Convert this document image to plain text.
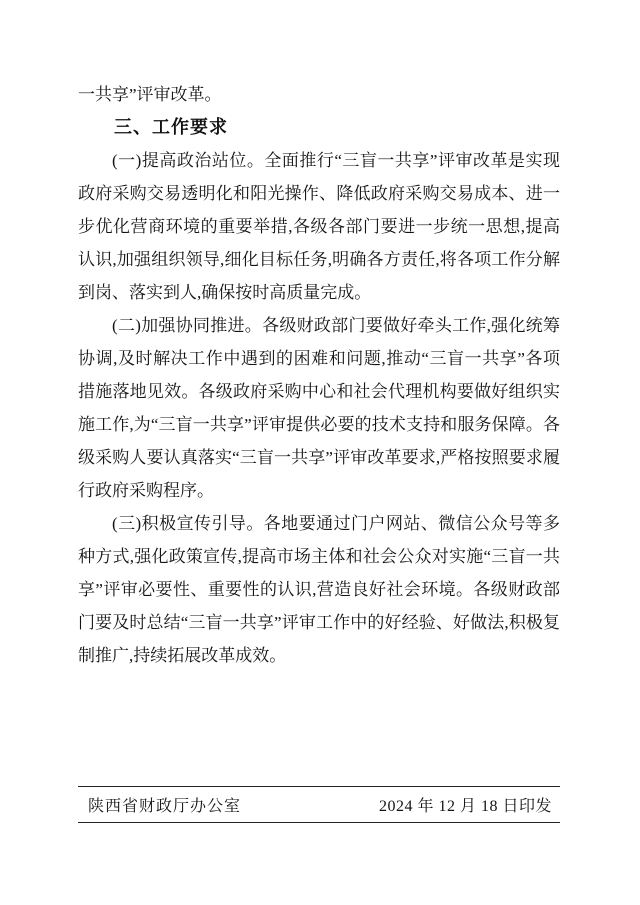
一共享”评审改革。

三、工作要求

(一)提高政治站位。全面推行“三盲一共享”评审改革是实现政府采购交易透明化和阳光操作、降低政府采购交易成本、进一步优化营商环境的重要举措,各级各部门要进一步统一思想,提高认识,加强组织领导,细化目标任务,明确各方责任,将各项工作分解到岗、落实到人,确保按时高质量完成。

(二)加强协同推进。各级财政部门要做好牵头工作,强化统筹协调,及时解决工作中遇到的困难和问题,推动“三盲一共享”各项措施落地见效。各级政府采购中心和社会代理机构要做好组织实施工作,为“三盲一共享”评审提供必要的技术支持和服务保障。各级采购人要认真落实“三盲一共享”评审改革要求,严格按照要求履行政府采购程序。

(三)积极宣传引导。各地要通过门户网站、微信公众号等多种方式,强化政策宣传,提高市场主体和社会公众对实施“三盲一共享”评审必要性、重要性的认识,营造良好社会环境。各级财政部门要及时总结“三盲一共享”评审工作中的好经验、好做法,积极复制推广,持续拓展改革成效。

陕西省财政厅办公室	2024 年 12 月 18 日印发
